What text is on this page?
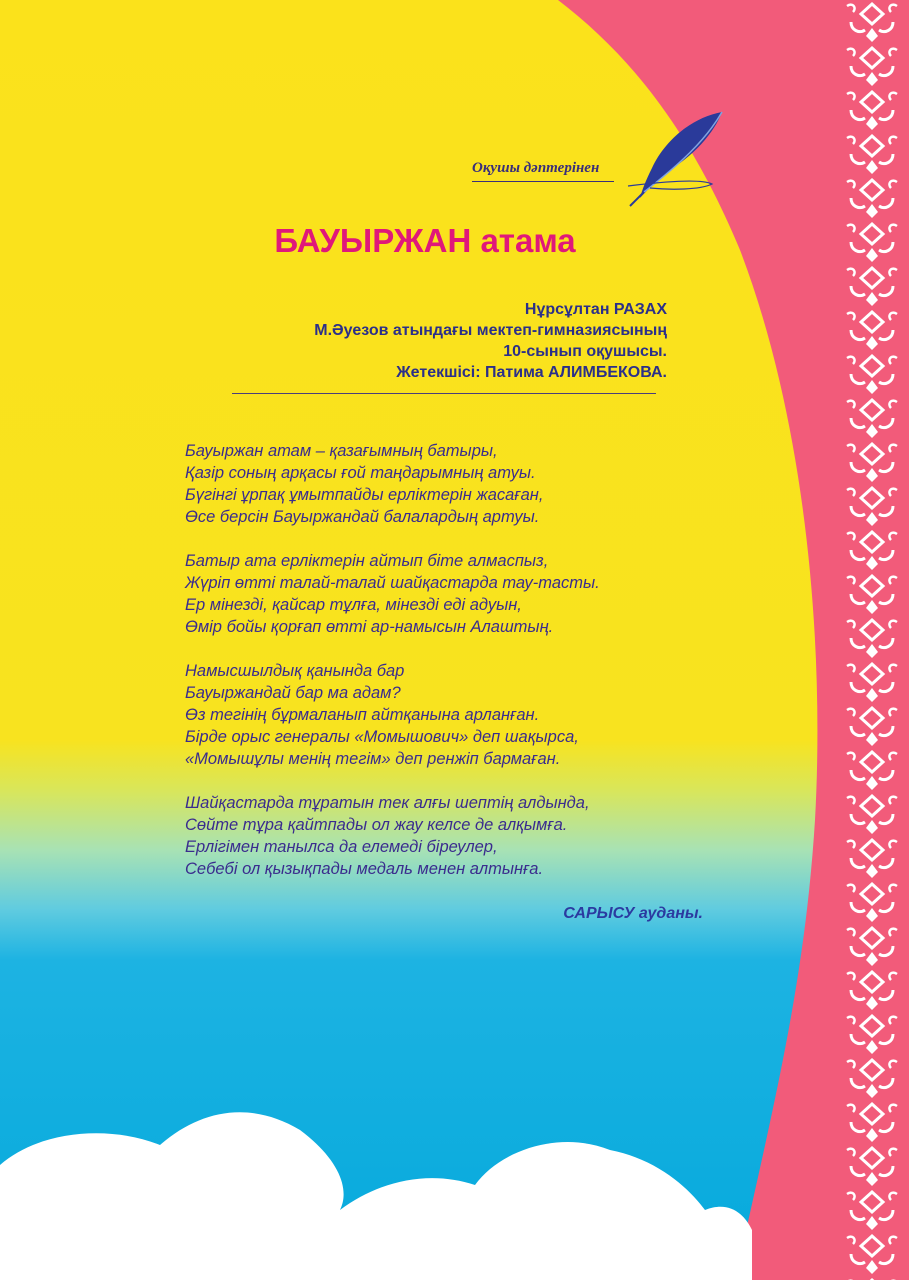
Оқушы дәптерінен
БАУЫРЖАН атама
Нұрсұлтан РАЗАХ
М.Әуезов атындағы мектеп-гимназиясының
10-сынып оқушысы.
Жетекшісі: Патима АЛИМБЕКОВА.
Бауыржан атам – қазағымның батыры,
Қазір соның арқасы ғой таңдарымның атуы.
Бүгінгі ұрпақ ұмытпайды ерліктерін жасаған,
Өсе берсін Бауыржандай балалардың артуы.
Батыр ата ерліктерін айтып біте алмаспыз,
Жүріп өтті талай-талай шайқастарда тау-тасты.
Ер мінезді, қайсар тұлға, мінезді еді адуын,
Өмір бойы қорғап өтті ар-намысын Алаштың.
Намысшылдық қанында бар
Бауыржандай бар ма адам?
Өз тегінің бұрмаланып айтқанына арланған.
Бірде орыс генералы «Момышович» деп шақырса,
«Момышұлы менің тегім» деп ренжіп бармаған.
Шайқастарда тұратын тек алғы шептің алдында,
Сөйте тұра қайтпады ол жау келсе де алқымға.
Ерлігімен танылса да елемеді біреулер,
Себебі ол қызықпады медаль менен алтынға.
САРЫСУ ауданы.
